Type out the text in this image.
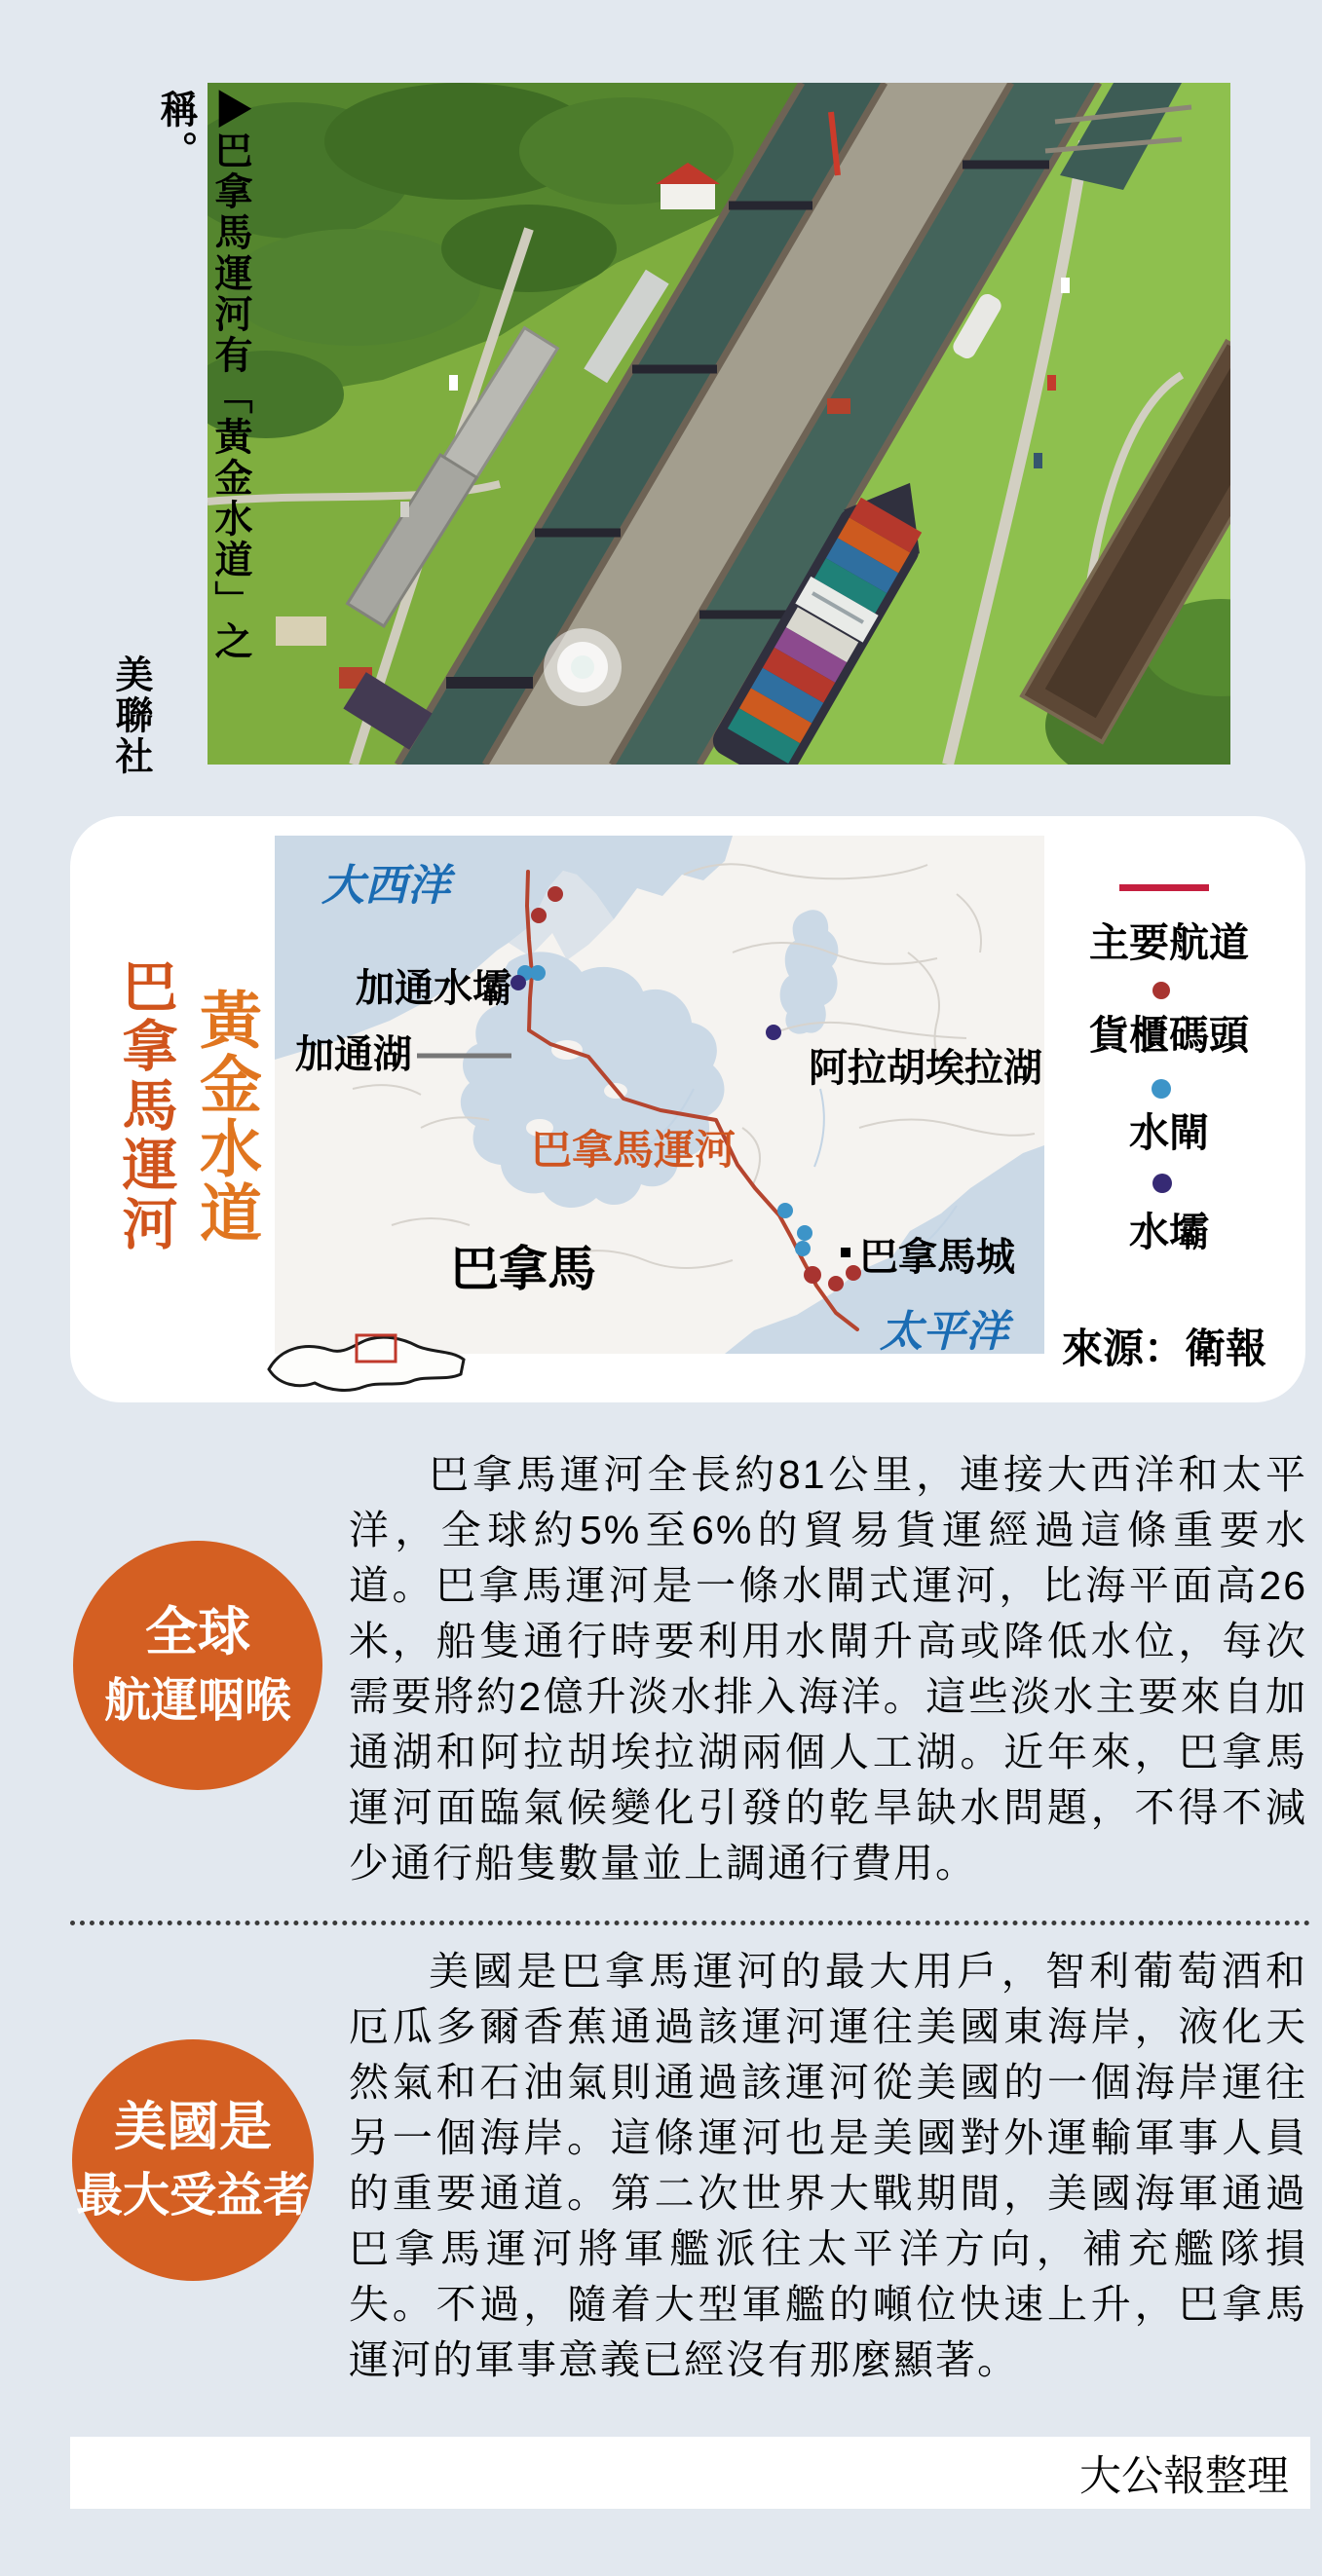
▶巴拿馬運河有「黃金水道」之稱。
美聯社
巴拿馬運河 黃金水道
大西洋
加通水壩
加通湖	阿拉胡埃拉湖
巴拿馬運河
巴拿馬	巴拿馬城
太平洋
主要航道
貨櫃碼頭
水閘
水壩
來源：衛報
全球
航運咽喉
巴拿馬運河全長約81公里，連接大西洋和太平洋，全球約5%至6%的貿易貨運經過這條重要水道。巴拿馬運河是一條水閘式運河，比海平面高26米，船隻通行時要利用水閘升高或降低水位，每次需要將約2億升淡水排入海洋。這些淡水主要來自加通湖和阿拉胡埃拉湖兩個人工湖。近年來，巴拿馬運河面臨氣候變化引發的乾旱缺水問題，不得不減少通行船隻數量並上調通行費用。
美國是
最大受益者
美國是巴拿馬運河的最大用戶，智利葡萄酒和厄瓜多爾香蕉通過該運河運往美國東海岸，液化天然氣和石油氣則通過該運河從美國的一個海岸運往另一個海岸。這條運河也是美國對外運輸軍事人員的重要通道。第二次世界大戰期間，美國海軍通過巴拿馬運河將軍艦派往太平洋方向，補充艦隊損失。不過，隨着大型軍艦的噸位快速上升，巴拿馬運河的軍事意義已經沒有那麼顯著。
大公報整理
